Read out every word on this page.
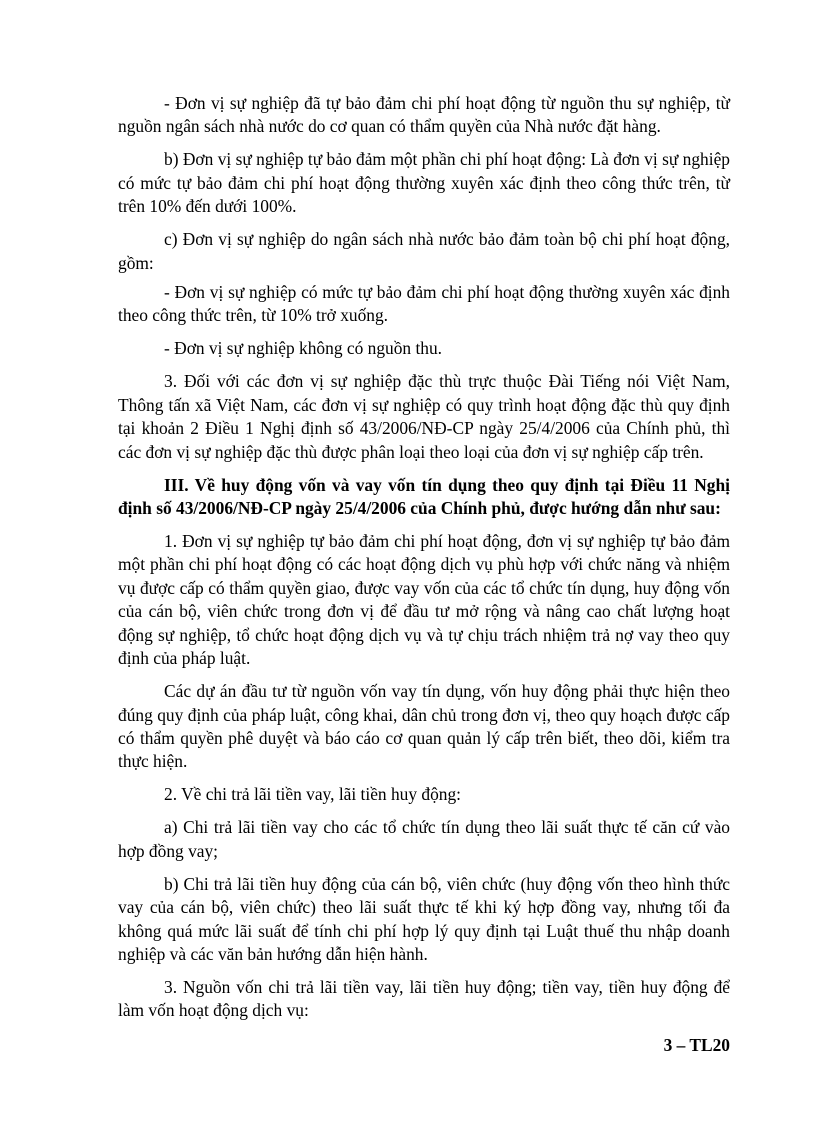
- Đơn vị sự nghiệp đã tự bảo đảm chi phí hoạt động từ nguồn thu sự nghiệp, từ nguồn ngân sách nhà nước do cơ quan có thẩm quyền của Nhà nước đặt hàng.

b) Đơn vị sự nghiệp tự bảo đảm một phần chi phí hoạt động: Là đơn vị sự nghiệp có mức tự bảo đảm chi phí hoạt động thường xuyên xác định theo công thức trên, từ trên 10% đến dưới 100%.

c) Đơn vị sự nghiệp do ngân sách nhà nước bảo đảm toàn bộ chi phí hoạt động, gồm:

- Đơn vị sự nghiệp có mức tự bảo đảm chi phí hoạt động thường xuyên xác định theo công thức trên, từ 10% trở xuống.

- Đơn vị sự nghiệp không có nguồn thu.

3. Đối với các đơn vị sự nghiệp đặc thù trực thuộc Đài Tiếng nói Việt Nam, Thông tấn xã Việt Nam, các đơn vị sự nghiệp có quy trình hoạt động đặc thù quy định tại khoản 2 Điều 1 Nghị định số 43/2006/NĐ-CP ngày 25/4/2006 của Chính phủ, thì các đơn vị sự nghiệp đặc thù được phân loại theo loại của đơn vị sự nghiệp cấp trên.

III. Về huy động vốn và vay vốn tín dụng theo quy định tại Điều 11 Nghị định số 43/2006/NĐ-CP ngày 25/4/2006 của Chính phủ, được hướng dẫn như sau:

1. Đơn vị sự nghiệp tự bảo đảm chi phí hoạt động, đơn vị sự nghiệp tự bảo đảm một phần chi phí hoạt động có các hoạt động dịch vụ phù hợp với chức năng và nhiệm vụ được cấp có thẩm quyền giao, được vay vốn của các tổ chức tín dụng, huy động vốn của cán bộ, viên chức trong đơn vị để đầu tư mở rộng và nâng cao chất lượng hoạt động sự nghiệp, tổ chức hoạt động dịch vụ và tự chịu trách nhiệm trả nợ vay theo quy định của pháp luật.

Các dự án đầu tư từ nguồn vốn vay tín dụng, vốn huy động phải thực hiện theo đúng quy định của pháp luật, công khai, dân chủ trong đơn vị, theo quy hoạch được cấp có thẩm quyền phê duyệt và báo cáo cơ quan quản lý cấp trên biết, theo dõi, kiểm tra thực hiện.

2. Về chi trả lãi tiền vay, lãi tiền huy động:

a) Chi trả lãi tiền vay cho các tổ chức tín dụng theo lãi suất thực tế căn cứ vào hợp đồng vay;

b) Chi trả lãi tiền huy động của cán bộ, viên chức (huy động vốn theo hình thức vay của cán bộ, viên chức) theo lãi suất thực tế khi ký hợp đồng vay, nhưng tối đa không quá mức lãi suất để tính chi phí hợp lý quy định tại Luật thuế thu nhập doanh nghiệp và các văn bản hướng dẫn hiện hành.

3. Nguồn vốn chi trả lãi tiền vay, lãi tiền huy động; tiền vay, tiền huy động để làm vốn hoạt động dịch vụ:

3 – TL20
